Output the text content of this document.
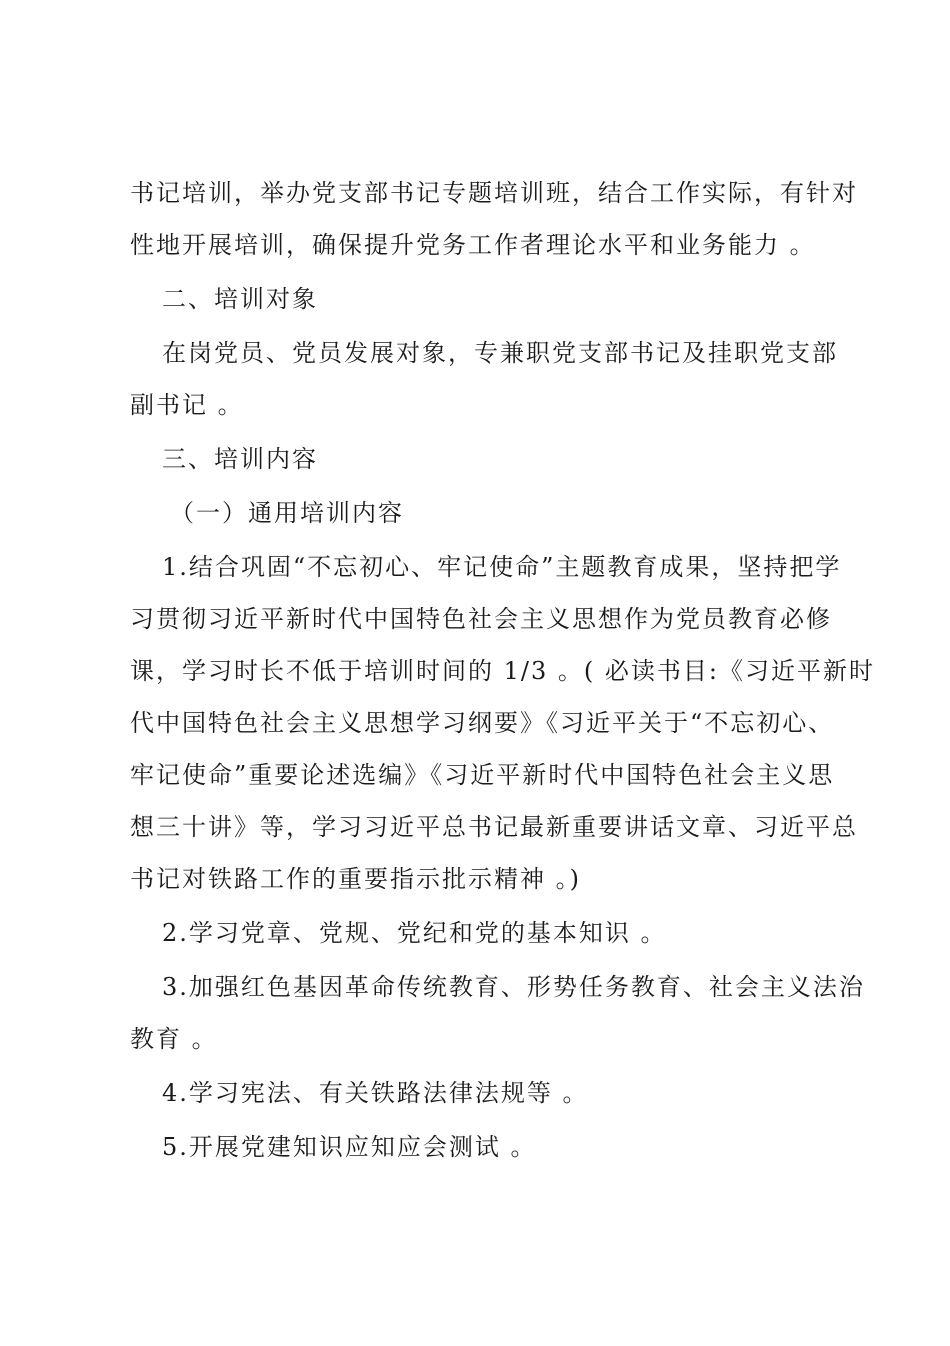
书记培训，举办党支部书记专题培训班，结合工作实际，有针对
性地开展培训，确保提升党务工作者理论水平和业务能力 。
二、培训对象
在岗党员、党员发展对象，专兼职党支部书记及挂职党支部
副书记 。
三、培训内容
（一）通用培训内容
1.结合巩固“不忘初心、牢记使命”主题教育成果，坚持把学
习贯彻习近平新时代中国特色社会主义思想作为党员教育必修
课，学习时长不低于培训时间的 1/3 。( 必读书目:《习近平新时
代中国特色社会主义思想学习纲要》《习近平关于“不忘初心、
牢记使命”重要论述选编》《习近平新时代中国特色社会主义思
想三十讲》等，学习习近平总书记最新重要讲话文章、习近平总
书记对铁路工作的重要指示批示精神 。)
2.学习党章、党规、党纪和党的基本知识 。
3.加强红色基因革命传统教育、形势任务教育、社会主义法治
教育 。
4.学习宪法、有关铁路法律法规等 。
5.开展党建知识应知应会测试 。
